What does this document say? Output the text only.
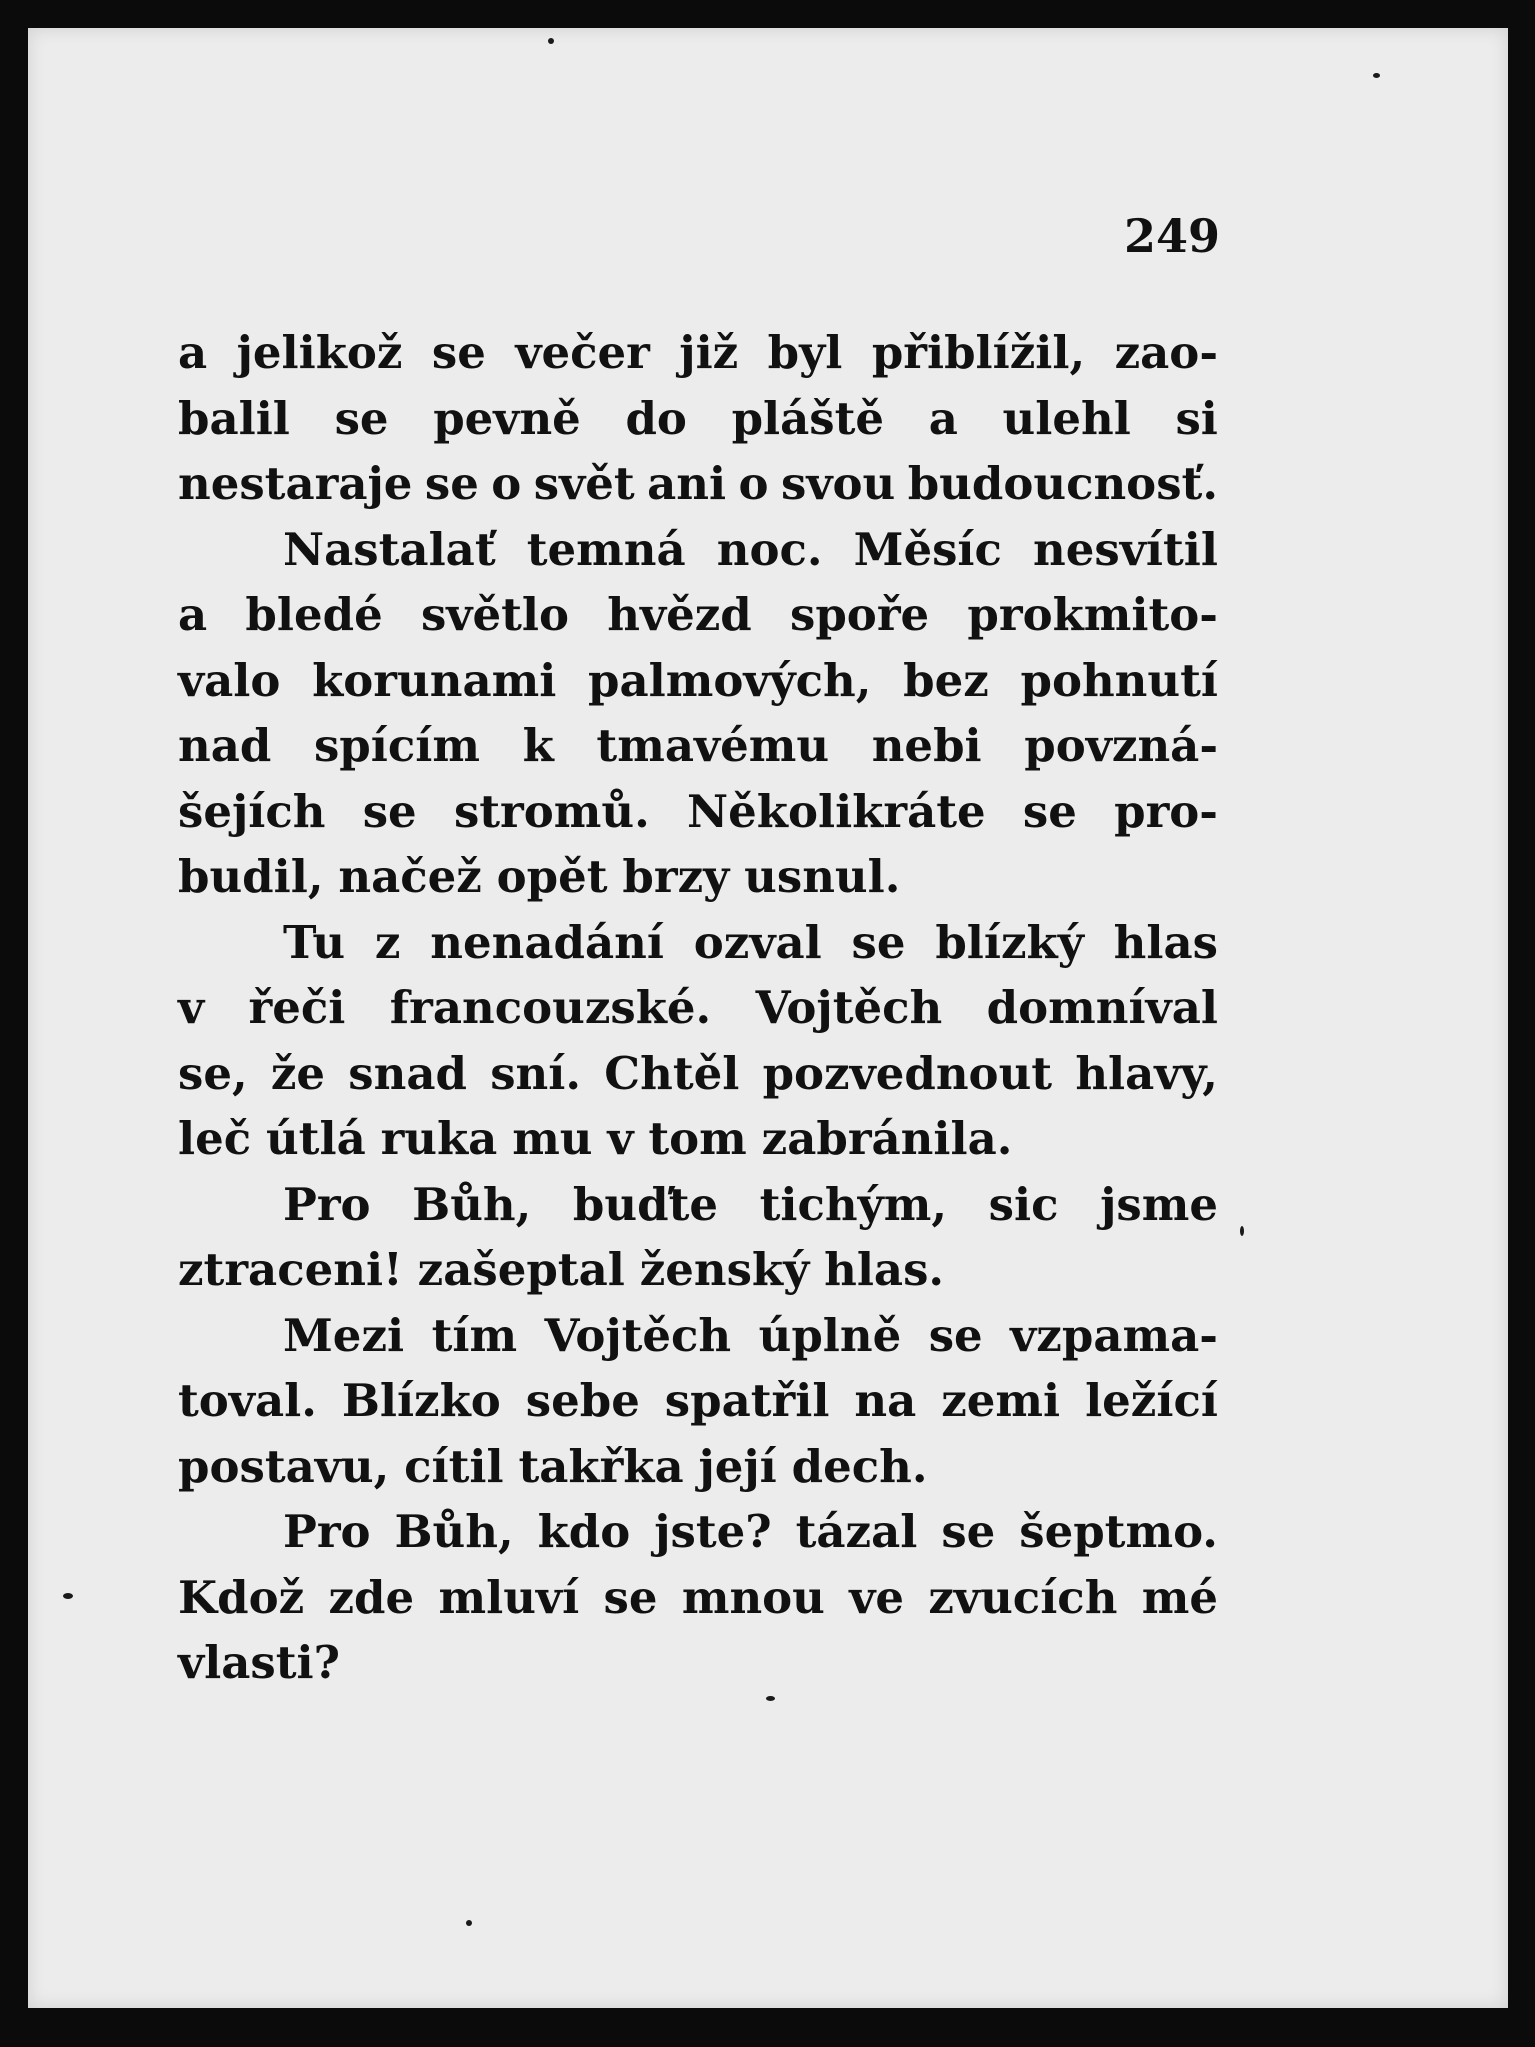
249
a jelikož se večer již byl přiblížil, zao-
balil se pevně do pláště a ulehl si
nestaraje se o svět ani o svou budoucnosť.
Nastalať temná noc. Měsíc nesvítil
a bledé světlo hvězd spoře prokmito-
valo korunami palmových, bez pohnutí
nad spícím k tmavému nebi povzná-
šejích se stromů. Několikráte se pro-
budil, načež opět brzy usnul.
Tu z nenadání ozval se blízký hlas
v řeči francouzské. Vojtěch domníval
se, že snad sní. Chtěl pozvednout hlavy,
leč útlá ruka mu v tom zabránila.
Pro Bůh, buďte tichým, sic jsme
ztraceni! zašeptal ženský hlas.
Mezi tím Vojtěch úplně se vzpama-
toval. Blízko sebe spatřil na zemi ležící
postavu, cítil takřka její dech.
Pro Bůh, kdo jste? tázal se šeptmo.
Kdož zde mluví se mnou ve zvucích mé
vlasti?
